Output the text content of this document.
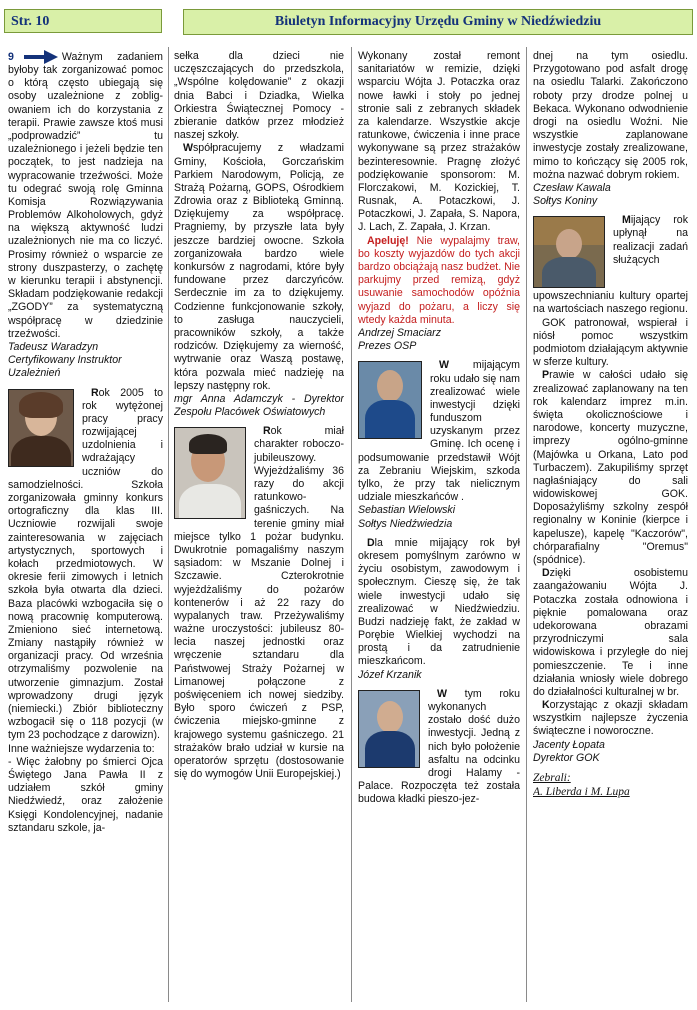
Str. 10	Biuletyn Informacyjny Urzędu Gminy w Niedźwiedziu

9	Ważnym zadaniem byłoby tak zorganizować pomoc o którą często ubiegają się osoby uzależnione z zobligowaniem ich do korzystania z terapii. Prawie zawsze ktoś musi „podprowadzić” tu uzależnionego i jeżeli będzie ten początek, to jest nadzieja na wypracowanie trzeźwości. Może tu odegrać swoją rolę Gminna Komisja Rozwiązywania Problemów Alkoholowych, gdyż na większą aktywność ludzi uzależnionych nie ma co liczyć. Prosimy również o wsparcie ze strony duszpasterzy, o zachętę w kierunku terapii i abstynencji. Składam podziękowanie redakcji „ZGODY” za systematyczną współpracę w dziedzinie trzeźwości.

Tadeusz Waradzyn

Certyfikowany Instruktor

Uzależnień

Rok 2005 to rok wytężonej pracy pracy rozwijającej uzdolnienia i wdrażający uczniów do samodzielności. Szkoła zorganizowała gminny konkurs ortograficzny dla klas III. Uczniowie rozwijali swoje zainteresowania w zajęciach artystycznych, sportowych i kołach przedmiotowych. W okresie ferii zimowych i letnich szkoła była otwarta dla dzieci. Baza placówki wzbogaciła się o nową pracownię komputerową. Zmieniono sieć internetową. Zmiany nastąpiły również w organizacji pracy. Od września otrzymaliśmy pozwolenie na utworzenie gimnazjum. Został wprowadzony drugi język (niemiecki.) Zbiór biblioteczny wzbogacił się o 118 pozycji (w tym 23 pochodzące z darowizn).

Inne ważniejsze wydarzenia to:

- Więc żałobny po śmierci Ojca Świętego Jana Pawła II z udziałem szkół gminy Niedźwiedź, oraz założenie Księgi Kondolencyjnej, nadanie sztandaru szkole, ja-

sełka dla dzieci nie uczęszczających do przedszkola, „Wspólne kolędowanie” z okazji dnia Babci i Dziadka, Wielka Orkiestra Świątecznej Pomocy - zbieranie datków przez młodzież naszej szkoły.

Współpracujemy z władzami Gminy, Kościoła, Gorczańskim Parkiem Narodowym, Policją, ze Strażą Pożarną, GOPS, Ośrodkiem Zdrowia oraz z Biblioteką Gminną. Dziękujemy za współpracę. Pragniemy, by przyszłe lata były jeszcze bardziej owocne. Szkoła zorganizowała bardzo wiele konkursów z nagrodami, które były fundowane przez darczyńców. Serdecznie im za to dziękujemy. Codzienne funkcjonowanie szkoły, to zasługa nauczycieli, pracowników szkoły, a także rodziców. Dziękujemy za wierność, wytrwanie oraz Waszą postawę, która pozwala mieć nadzieję na lepszy następny rok.

mgr Anna Adamczyk - Dyrektor Zespołu Placówek Oświatowych

Rok miał charakter roboczo-jubileuszowy. Wyjeżdżaliśmy 36 razy do akcji ratunkowo-gaśniczych. Na terenie gminy miał miejsce tylko 1 pożar budynku. Dwukrotnie pomagaliśmy naszym sąsiadom: w Mszanie Dolnej i Szczawie. Czterokrotnie wyjeżdżaliśmy do pożarów kontenerów i aż 22 razy do wypalanych traw. Przeżywaliśmy ważne uroczystości: jubileusz 80-lecia naszej jednostki oraz wręczenie sztandaru dla Państwowej Straży Pożarnej w Limanowej połączone z poświęceniem ich nowej siedziby. Było sporo ćwiczeń z PSP, ćwiczenia miejsko-gminne z krajowego systemu gaśniczego. 21 strażaków brało udział w kursie na operatorów sprzętu (dostosowanie się do wymogów Unii Europejskiej.)

Wykonany został remont sanitariatów w remizie, dzięki wsparciu Wójta J. Potaczka oraz nowe ławki i stoły po jednej stronie sali z zebranych składek za kalendarze. Wszystkie akcje ratunkowe, ćwiczenia i inne prace wykonywane są przez strażaków bezinteresownie. Pragnę złożyć podziękowanie sponsorom: M. Florczakowi, M. Kozickiej, T. Rusnak, A. Potaczkowi, J. Potaczkowi, J. Zapała, S. Napora, J. Lach, Z. Zapała, J. Krzan.

Apeluję! Nie wypalajmy traw, bo koszty wyjazdów do tych akcji bardzo obciążają nasz budżet. Nie parkujmy przed remizą, gdyż usuwanie samochodów opóźnia wyjazd do pożaru, a liczy się wtedy każda minuta.

Andrzej Smaciarz

Prezes OSP

W mijającym roku udało się nam zrealizować wiele inwestycji dzięki funduszom uzyskanym przez Gminę. Ich ocenę i podsumowanie przedstawił Wójt za Zebraniu Wiejskim, szkoda tylko, że przy tak nielicznym udziale mieszkańców .

Sebastian Wielowski

Sołtys Niedźwiedzia

Dla mnie mijający rok był okresem pomyślnym zarówno w życiu osobistym, zawodowym i społecznym. Cieszę się, że tak wiele inwestycji udało się zrealizować w Niedźwiedziu. Budzi nadzieję fakt, że zakład w Porębie Wielkiej wychodzi na prostą i da zatrudnienie mieszkańcom.

Józef Krzanik

W tym roku wykonanych zostało dość dużo inwestycji. Jedną z nich było położenie asfaltu na odcinku drogi Halamy - Palace. Rozpoczęta też została budowa kładki pieszo-jez-

dnej na tym osiedlu. Przygotowano pod asfalt drogę na osiedlu Talarki. Zakończono roboty przy drodze polnej u Bekaca. Wykonano odwodnienie drogi na osiedlu Woźni. Nie wszystkie zaplanowane inwestycje zostały zrealizowane, mimo to kończący się 2005 rok, można nazwać dobrym rokiem.

Czesław Kawala

Sołtys Koniny

Mijający rok upłynął na realizacji zadań służących upowszechnianiu kultury opartej na wartościach naszego regionu.

GOK patronował, wspierał i niósł pomoc wszystkim podmiotom działającym aktywnie w sferze kultury.

Prawie w całości udało się zrealizować zaplanowany na ten rok kalendarz imprez m.in. święta okolicznościowe i narodowe, koncerty muzyczne, imprezy ogólno-gminne (Majówka u Orkana, Lato pod Turbaczem). Zakupiliśmy sprzęt nagłaśniający do sali widowiskowej GOK. Doposażyliśmy szkolny zespół regionalny w Koninie (kierpce i kapelusze), kapelę "Kaczorów", chórparafialny "Oremus" (spódnice).

Dzięki osobistemu zaangażowaniu Wójta J. Potaczka została odnowiona i pięknie pomalowana oraz udekorowana obrazami przyrodniczymi sala widowiskowa i przyległe do niej pomieszczenie. Te i inne działania wniosły wiele dobrego do działalności kulturalnej w br.

Korzystając z okazji składam wszystkim najlepsze życzenia świąteczne i noworoczne.

Jacenty Łopata

Dyrektor GOK

Zebrali:

A. Liberda i M. Lupa
